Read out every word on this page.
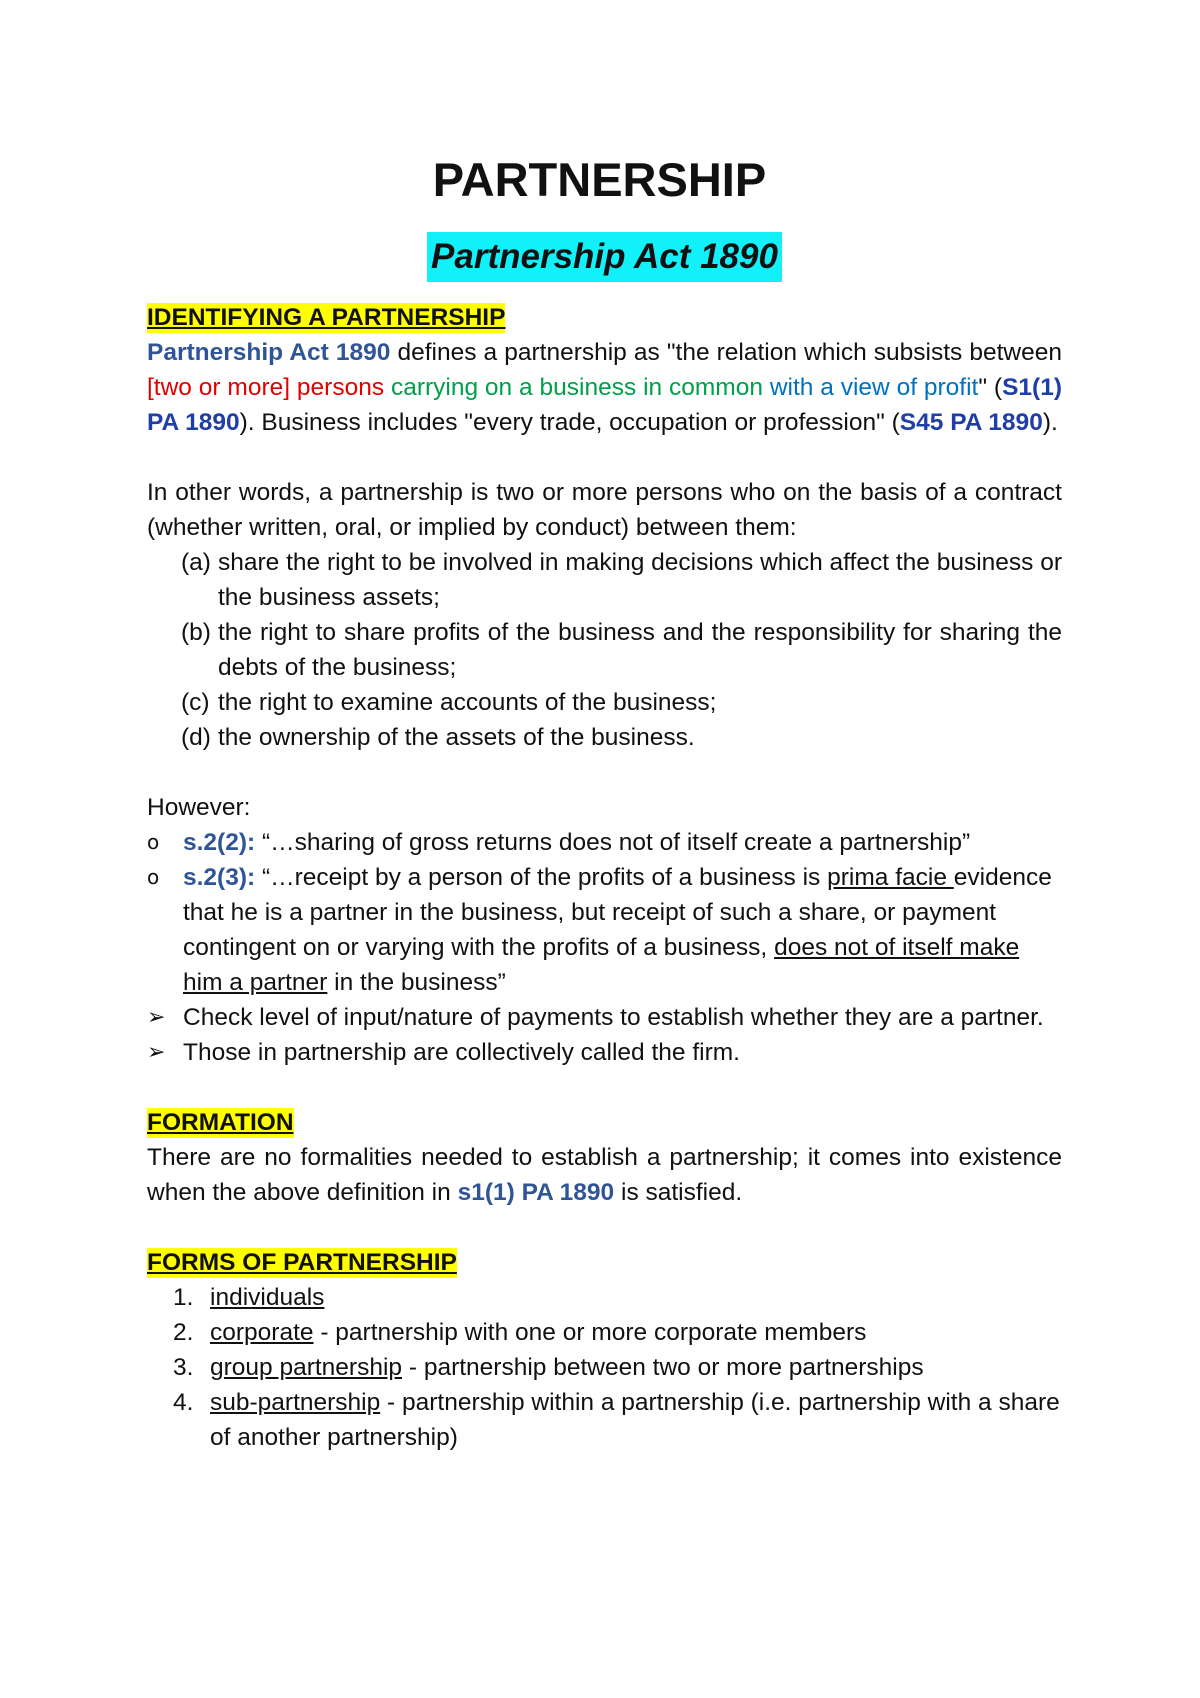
PARTNERSHIP
Partnership Act 1890
IDENTIFYING A PARTNERSHIP

Partnership Act 1890 defines a partnership as "the relation which subsists between [two or more] persons carrying on a business in common with a view of profit" (S1(1) PA 1890). Business includes "every trade, occupation or profession" (S45 PA 1890).

In other words, a partnership is two or more persons who on the basis of a contract (whether written, oral, or implied by conduct) between them:

(a) share the right to be involved in making decisions which affect the business or the business assets;
(b) the right to share profits of the business and the responsibility for sharing the debts of the business;
(c) the right to examine accounts of the business;
(d) the ownership of the assets of the business.

However:

o s.2(2): “…sharing of gross returns does not of itself create a partnership”
o s.2(3): “…receipt by a person of the profits of a business is prima facie evidence that he is a partner in the business, but receipt of such a share, or payment contingent on or varying with the profits of a business, does not of itself make him a partner in the business”
➢ Check level of input/nature of payments to establish whether they are a partner.
➢ Those in partnership are collectively called the firm.
FORMATION

There are no formalities needed to establish a partnership; it comes into existence when the above definition in s1(1) PA 1890 is satisfied.

FORMS OF PARTNERSHIP
1. individuals
2. corporate - partnership with one or more corporate members
3. group partnership - partnership between two or more partnerships
4. sub-partnership - partnership within a partnership (i.e. partnership with a share of another partnership)
